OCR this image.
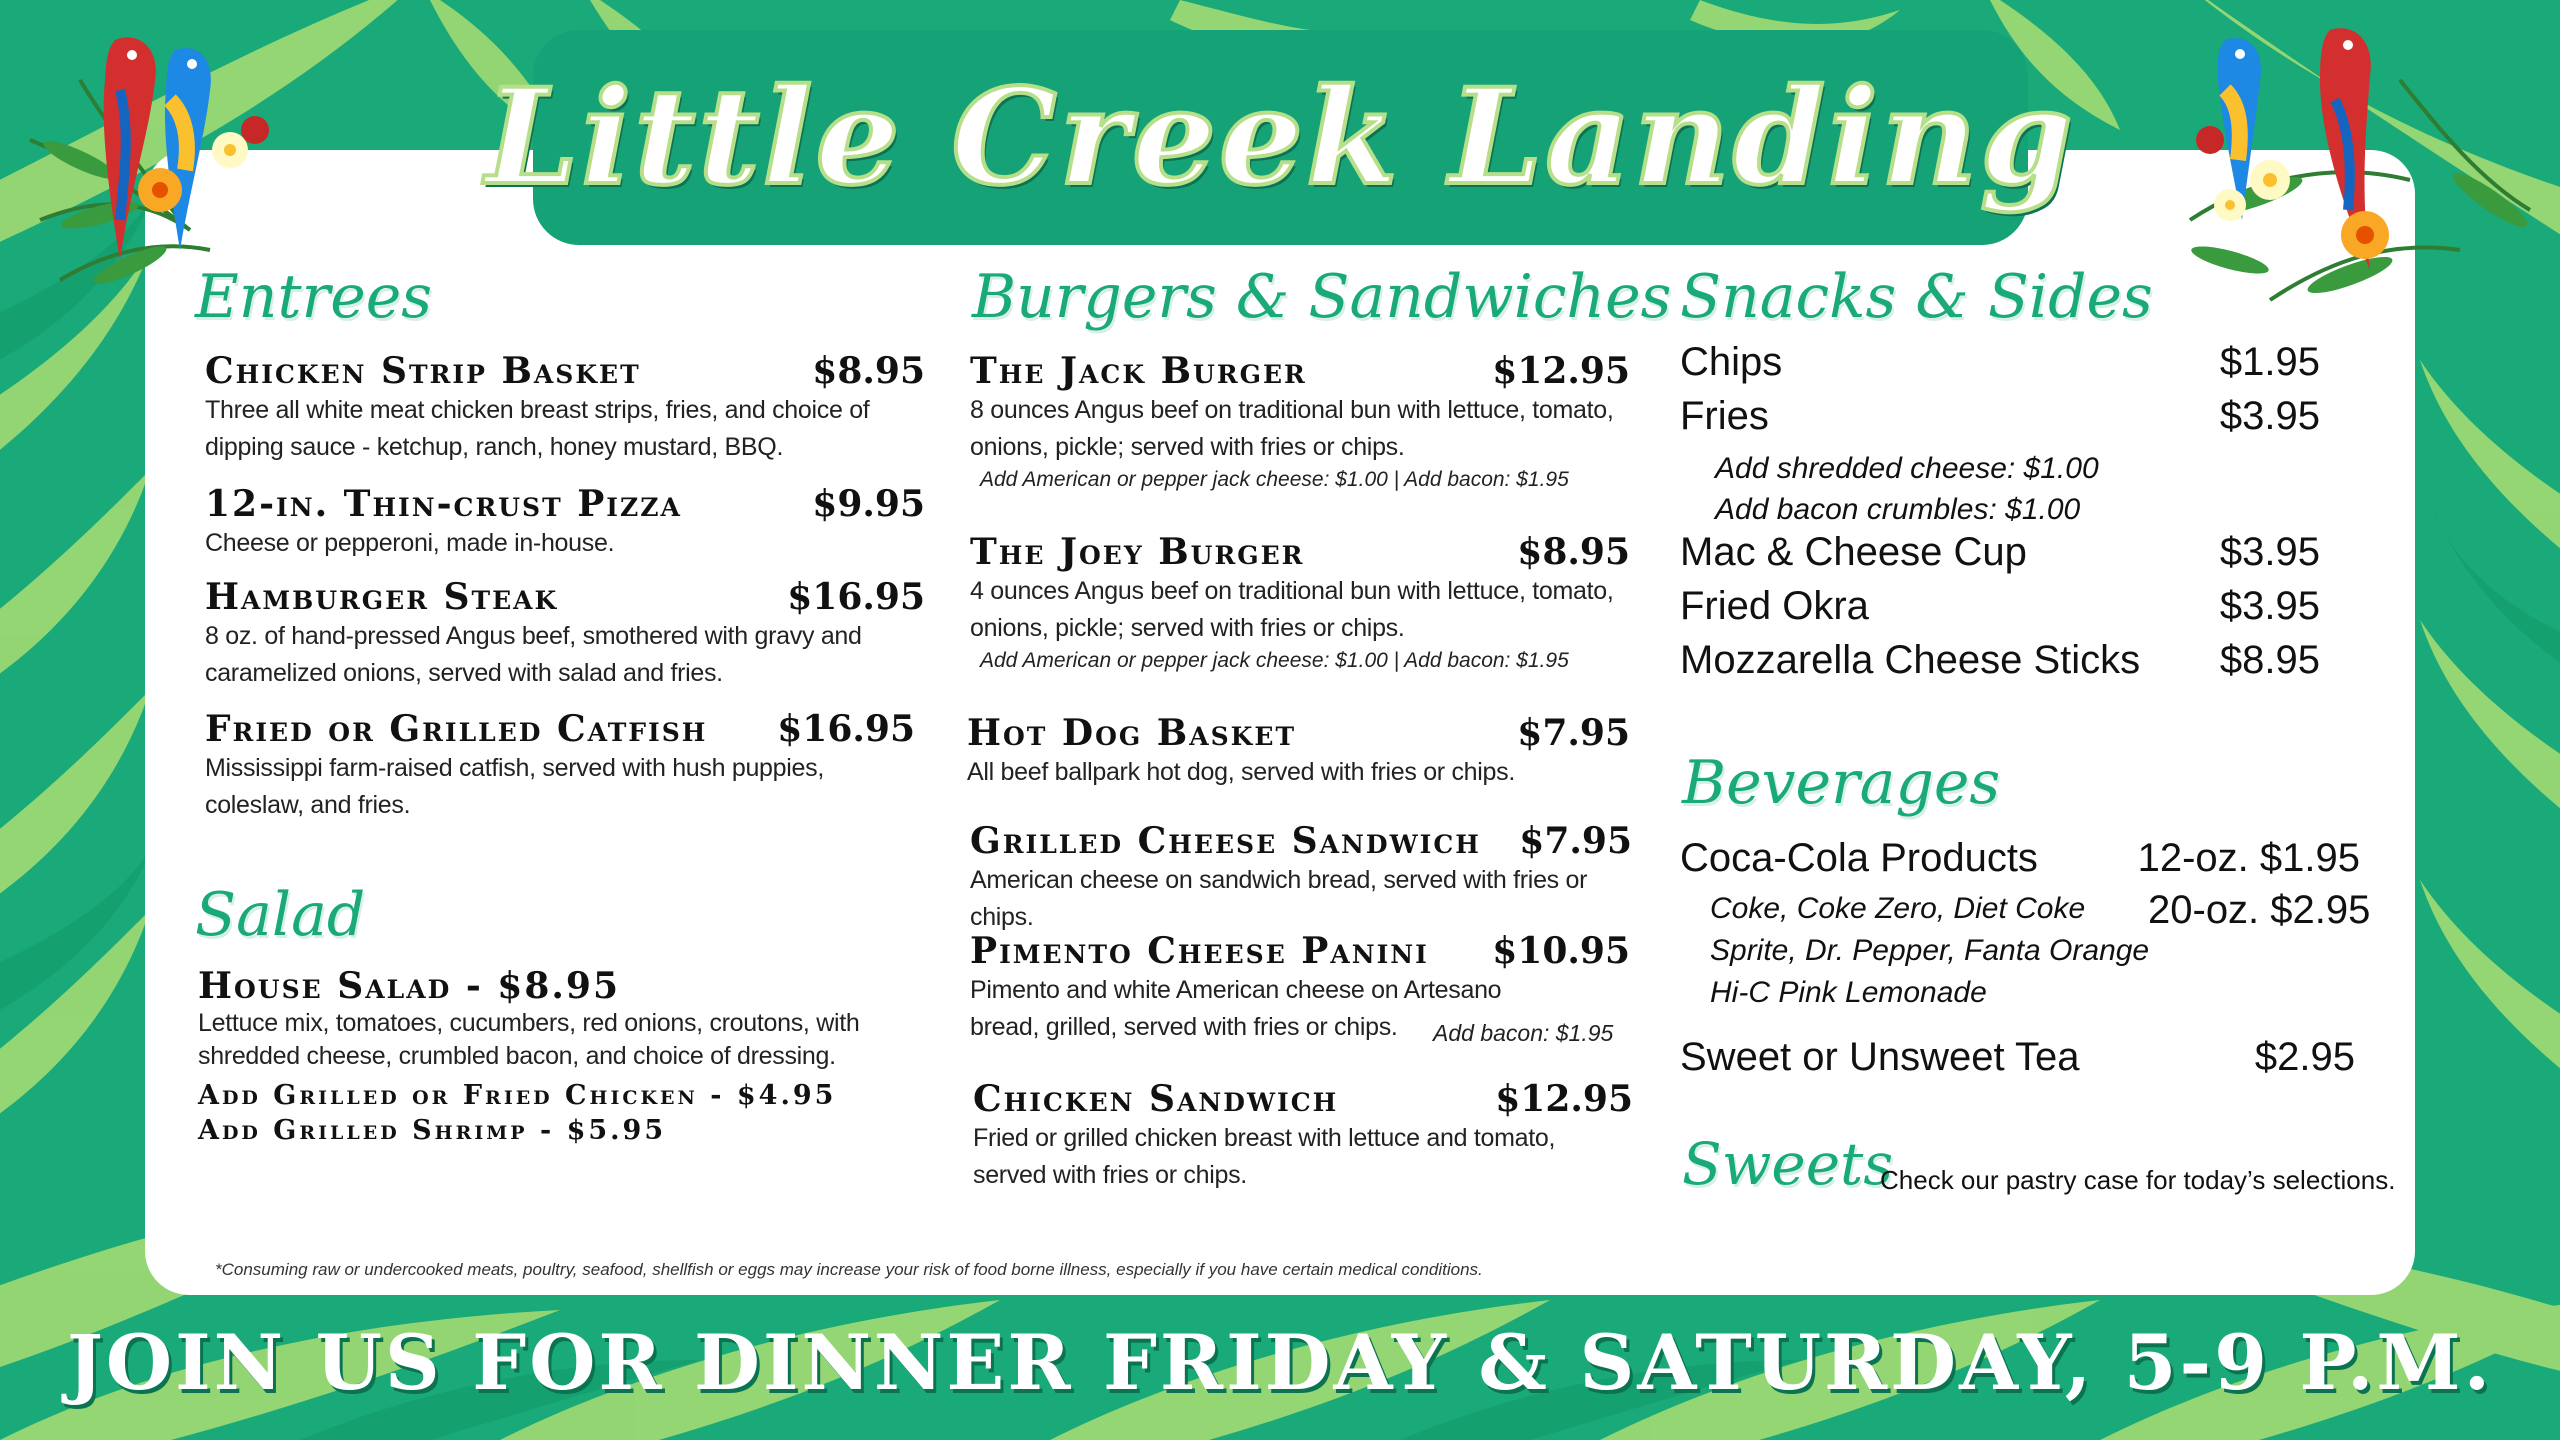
Little Creek Landing
Entrees
Chicken Strip Basket	$8.95
Three all white meat chicken breast strips, fries, and choice of dipping sauce - ketchup, ranch, honey mustard, BBQ.
12-in. Thin-crust Pizza	$9.95
Cheese or pepperoni, made in-house.
Hamburger Steak	$16.95
8 oz. of hand-pressed Angus beef, smothered with gravy and caramelized onions, served with salad and fries.
Fried or Grilled Catfish $16.95
Mississippi farm-raised catfish, served with hush puppies, coleslaw, and fries.
Salad
House Salad - $8.95
Lettuce mix, tomatoes, cucumbers, red onions, croutons, with shredded cheese, crumbled bacon, and choice of dressing.
Add Grilled or Fried Chicken - $4.95
Add Grilled Shrimp - $5.95
Burgers & Sandwiches
The Jack Burger	$12.95
8 ounces Angus beef on traditional bun with lettuce, tomato, onions, pickle; served with fries or chips.
Add American or pepper jack cheese: $1.00 | Add bacon: $1.95
The Joey Burger	$8.95
4 ounces Angus beef on traditional bun with lettuce, tomato, onions, pickle; served with fries or chips.
Add American or pepper jack cheese: $1.00 | Add bacon: $1.95
Hot Dog Basket	$7.95
All beef ballpark hot dog, served with fries or chips.
Grilled Cheese Sandwich $7.95
American cheese on sandwich bread, served with fries or chips.
Pimento Cheese Panini $10.95
Pimento and white American cheese on Artesano bread, grilled, served with fries or chips.	Add bacon: $1.95
Chicken Sandwich	$12.95
Fried or grilled chicken breast with lettuce and tomato, served with fries or chips.
Snacks & Sides
Chips	$1.95
Fries	$3.95
Add shredded cheese: $1.00
Add bacon crumbles: $1.00
Mac & Cheese Cup	$3.95
Fried Okra	$3.95
Mozzarella Cheese Sticks $8.95
Beverages
Coca-Cola Products 12-oz. $1.95
20-oz. $2.95
Coke, Coke Zero, Diet Coke
Sprite, Dr. Pepper, Fanta Orange
Hi-C Pink Lemonade
Sweet or Unsweet Tea	$2.95
Sweets
Check our pastry case for today’s selections.
*Consuming raw or undercooked meats, poultry, seafood, shellfish or eggs may increase your risk of food borne illness, especially if you have certain medical conditions.
JOIN US FOR DINNER FRIDAY & SATURDAY, 5-9 P.M.
